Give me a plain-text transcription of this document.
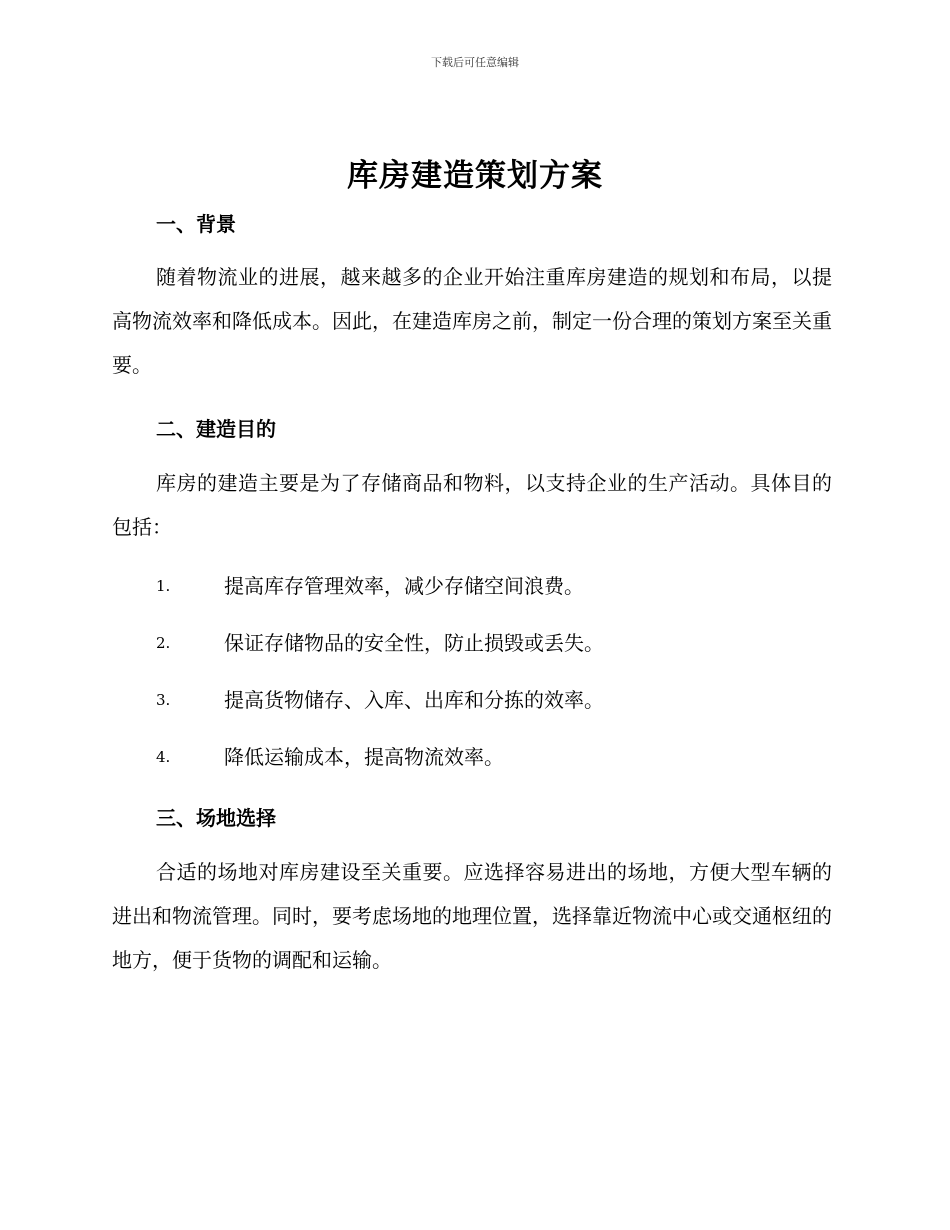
下载后可任意编辑
库房建造策划方案
一、背景
随着物流业的进展，越来越多的企业开始注重库房建造的规划和布局，以提高物流效率和降低成本。因此，在建造库房之前，制定一份合理的策划方案至关重要。
二、建造目的
库房的建造主要是为了存储商品和物料，以支持企业的生产活动。具体目的包括：
1.	提高库存管理效率，减少存储空间浪费。
2.	保证存储物品的安全性，防止损毁或丢失。
3.	提高货物储存、入库、出库和分拣的效率。
4.	降低运输成本，提高物流效率。
三、场地选择
合适的场地对库房建设至关重要。应选择容易进出的场地，方便大型车辆的进出和物流管理。同时，要考虑场地的地理位置，选择靠近物流中心或交通枢纽的地方，便于货物的调配和运输。
